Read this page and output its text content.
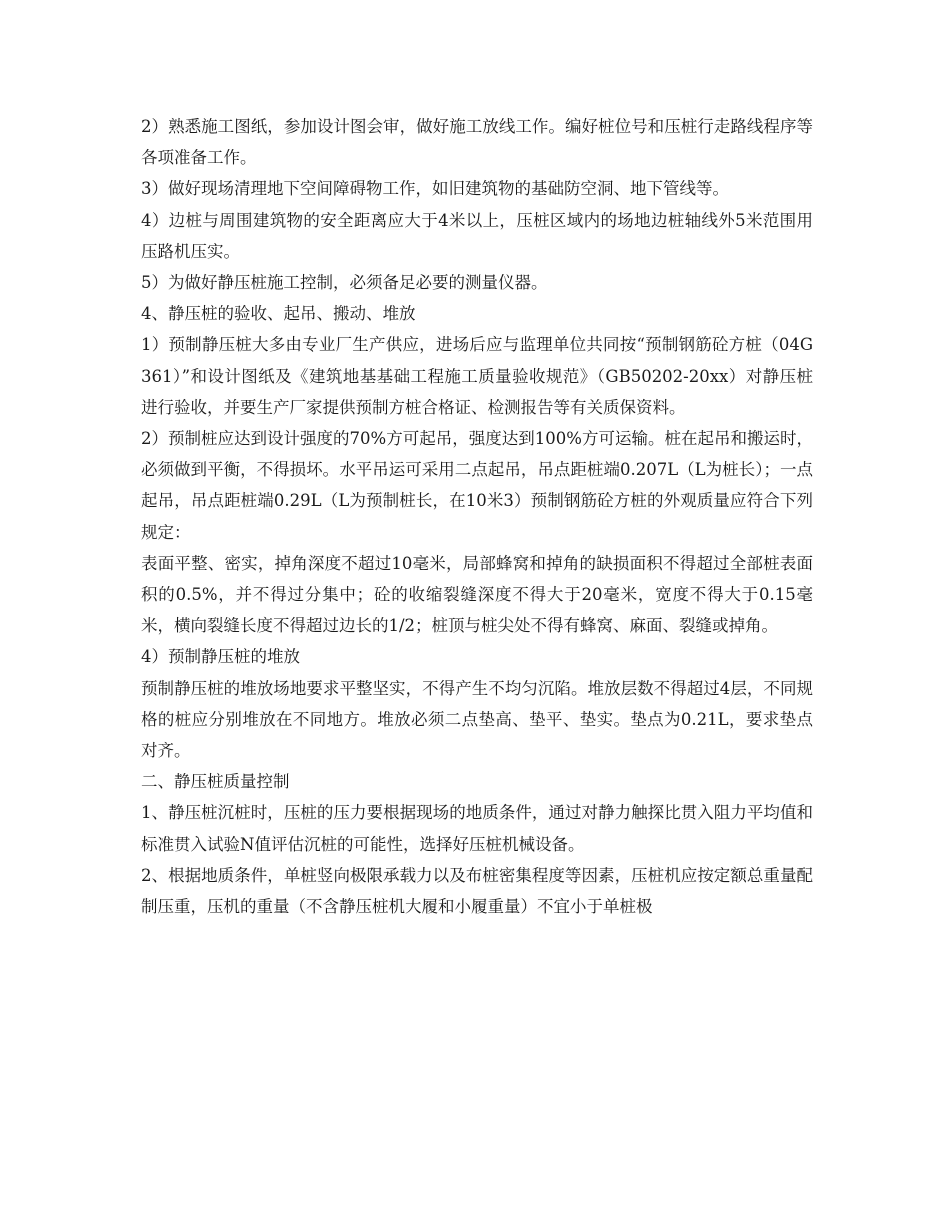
2）熟悉施工图纸，参加设计图会审，做好施工放线工作。编好桩位号和压桩行走路线程序等各项准备工作。

3）做好现场清理地下空间障碍物工作，如旧建筑物的基础防空洞、地下管线等。

4）边桩与周围建筑物的安全距离应大于4米以上，压桩区域内的场地边桩轴线外5米范围用压路机压实。

5）为做好静压桩施工控制，必须备足必要的测量仪器。

4、静压桩的验收、起吊、搬动、堆放

1）预制静压桩大多由专业厂生产供应，进场后应与监理单位共同按“预制钢筋砼方桩（04G361）”和设计图纸及《建筑地基基础工程施工质量验收规范》（GB50202-20xx）对静压桩进行验收，并要生产厂家提供预制方桩合格证、检测报告等有关质保资料。

2）预制桩应达到设计强度的70%方可起吊，强度达到100%方可运输。桩在起吊和搬运时，必须做到平衡，不得损坏。水平吊运可采用二点起吊，吊点距桩端0.207L（L为桩长）；一点起吊，吊点距桩端0.29L（L为预制桩长，在10米3）预制钢筋砼方桩的外观质量应符合下列规定：

表面平整、密实，掉角深度不超过10毫米，局部蜂窝和掉角的缺损面积不得超过全部桩表面积的0.5%，并不得过分集中；砼的收缩裂缝深度不得大于20毫米，宽度不得大于0.15毫米，横向裂缝长度不得超过边长的1/2；桩顶与桩尖处不得有蜂窝、麻面、裂缝或掉角。

4）预制静压桩的堆放

预制静压桩的堆放场地要求平整坚实，不得产生不均匀沉陷。堆放层数不得超过4层，不同规格的桩应分别堆放在不同地方。堆放必须二点垫高、垫平、垫实。垫点为0.21L，要求垫点对齐。

二、静压桩质量控制

1、静压桩沉桩时，压桩的压力要根据现场的地质条件，通过对静力触探比贯入阻力平均值和标准贯入试验N值评估沉桩的可能性，选择好压桩机械设备。

2、根据地质条件，单桩竖向极限承载力以及布桩密集程度等因素，压桩机应按定额总重量配制压重，压机的重量（不含静压桩机大履和小履重量）不宜小于单桩极
